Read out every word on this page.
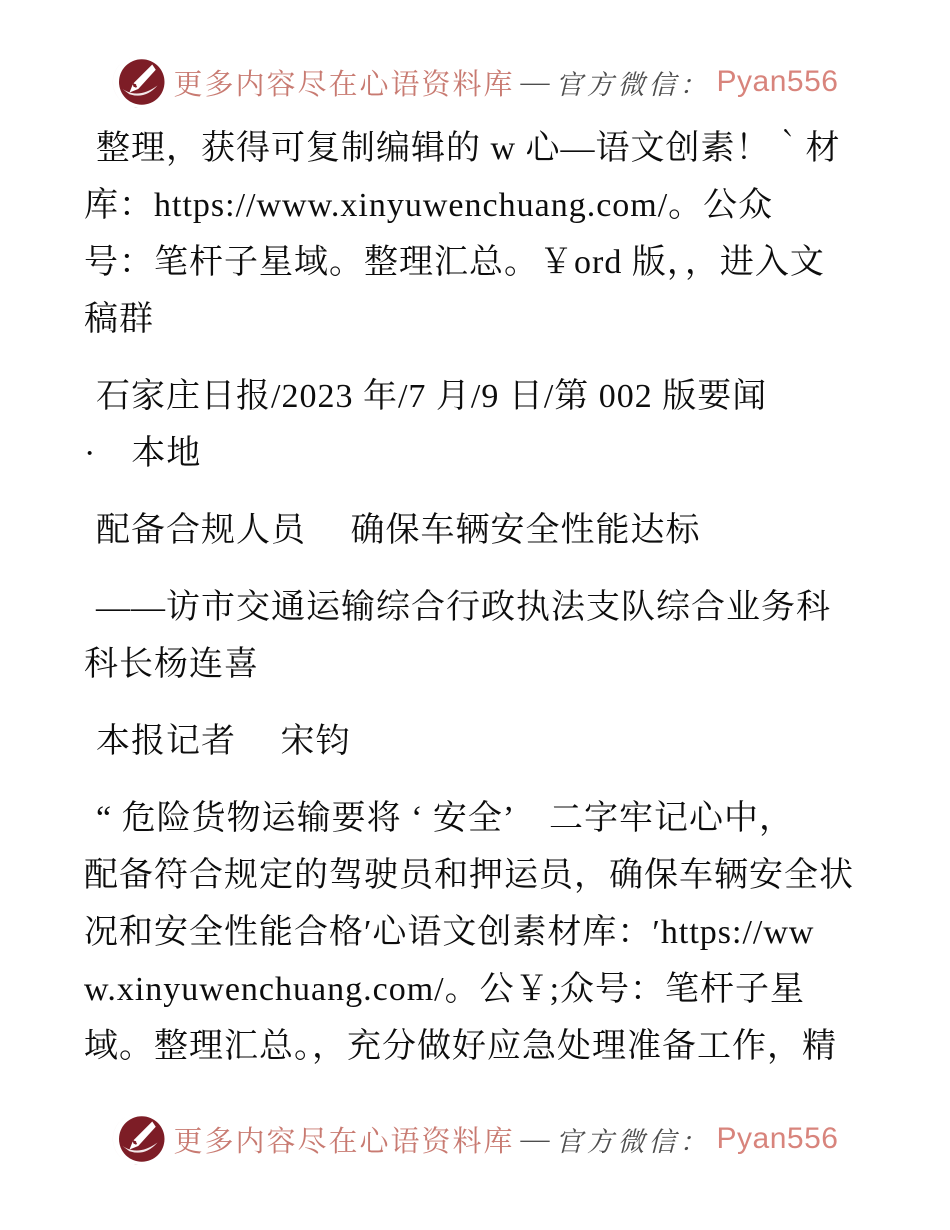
更多内容尽在心语资料库 — 官方微信： Pyan556
整理，获得可复制编辑的 w 心—语文创素！｀材
库：https://www.xinyuwenchuang.com/。公众
号：笔杆子星域。整理汇总。￥ord 版，，进入文
稿群
石家庄日报/2023 年/7 月/9 日/第 002 版要闻
·　本地
配备合规人员　 确保车辆安全性能达标
——访市交通运输综合行政执法支队综合业务科
科长杨连喜
本报记者　 宋钧
“ 危险货物运输要将 ‘ 安全’　二字牢记心中，
配备符合规定的驾驶员和押运员，确保车辆安全状
况和安全性能合格′心语文创素材库：′https://ww
w.xinyuwenchuang.com/。公￥;众号：笔杆子星
域。整理汇总。，充分做好应急处理准备工作，精
更多内容尽在心语资料库 — 官方微信： Pyan556
